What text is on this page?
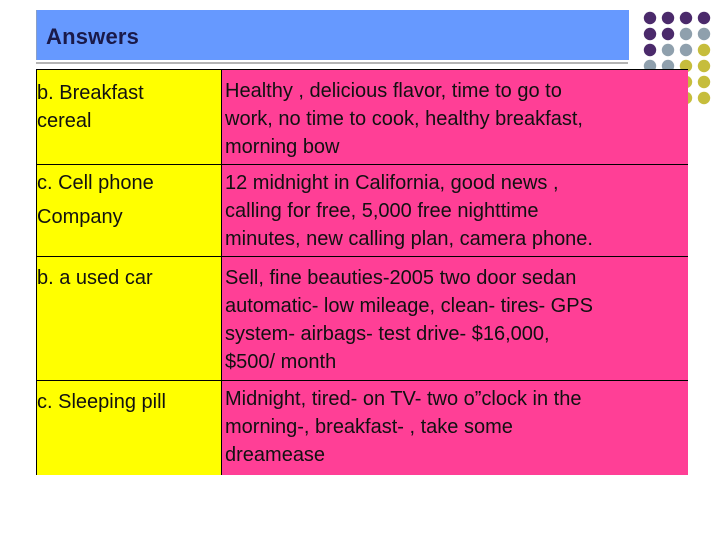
Answers
b. Breakfast
cereal
Healthy , delicious flavor, time to go to
work, no time to cook, healthy breakfast,
morning bow
c. Cell phone
Company
12 midnight in California, good news ,
calling for free, 5,000 free nighttime
minutes, new calling plan, camera phone.
b. a used car	Sell, fine beauties-2005 two door sedan
automatic- low mileage, clean- tires- GPS
system- airbags- test drive- $16,000,
$500/ month
c. Sleeping pill	Midnight, tired- on TV- two o”clock in the
morning-, breakfast- , take some
dreamease
